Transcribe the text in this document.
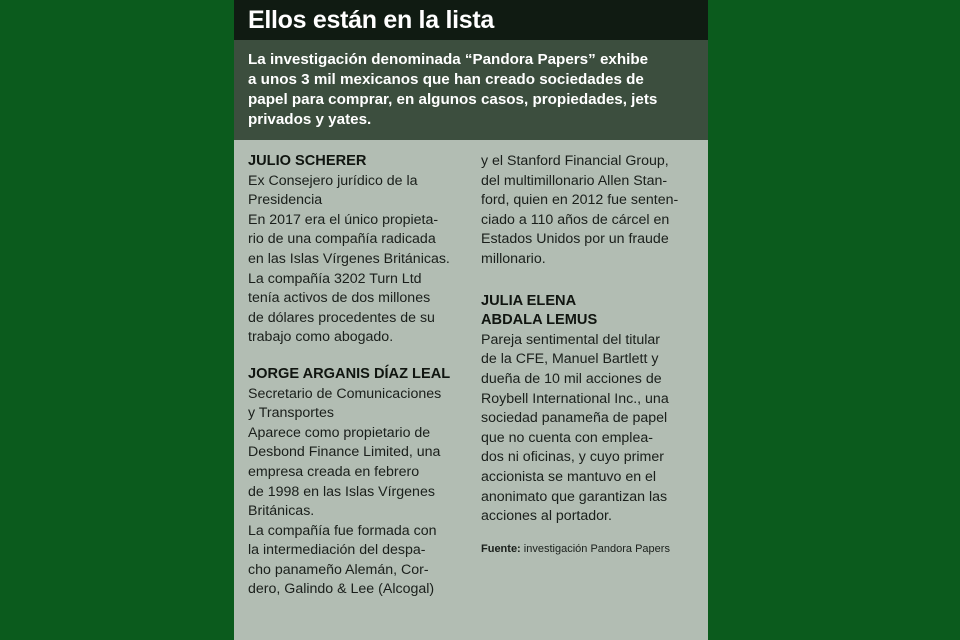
Ellos están en la lista

La investigación denominada “Pandora Papers” exhibe

a unos 3 mil mexicanos que han creado sociedades de

papel para comprar, en algunos casos, propiedades, jets

privados y yates.

JULIO SCHERER

Ex Consejero jurídico de la

Presidencia

En 2017 era el único propieta-

rio de una compañía radicada

en las Islas Vírgenes Británicas.

La compañía 3202 Turn Ltd

tenía activos de dos millones

de dólares procedentes de su

trabajo como abogado.

JORGE ARGANIS DÍAZ LEAL

Secretario de Comunicaciones

y Transportes

Aparece como propietario de

Desbond Finance Limited, una

empresa creada en febrero

de 1998 en las Islas Vírgenes

Británicas.

La compañía fue formada con

la intermediación del despa-

cho panameño Alemán, Cor-

dero, Galindo & Lee (Alcogal)

y el Stanford Financial Group,

del multimillonario Allen Stan-

ford, quien en 2012 fue senten-

ciado a 110 años de cárcel en

Estados Unidos por un fraude

millonario.

JULIA ELENA

ABDALA LEMUS

Pareja sentimental del titular

de la CFE, Manuel Bartlett y

dueña de 10 mil acciones de

Roybell International Inc., una

sociedad panameña de papel

que no cuenta con emplea-

dos ni oficinas, y cuyo primer

accionista se mantuvo en el

anonimato que garantizan las

acciones al portador.

Fuente: investigación Pandora Papers
